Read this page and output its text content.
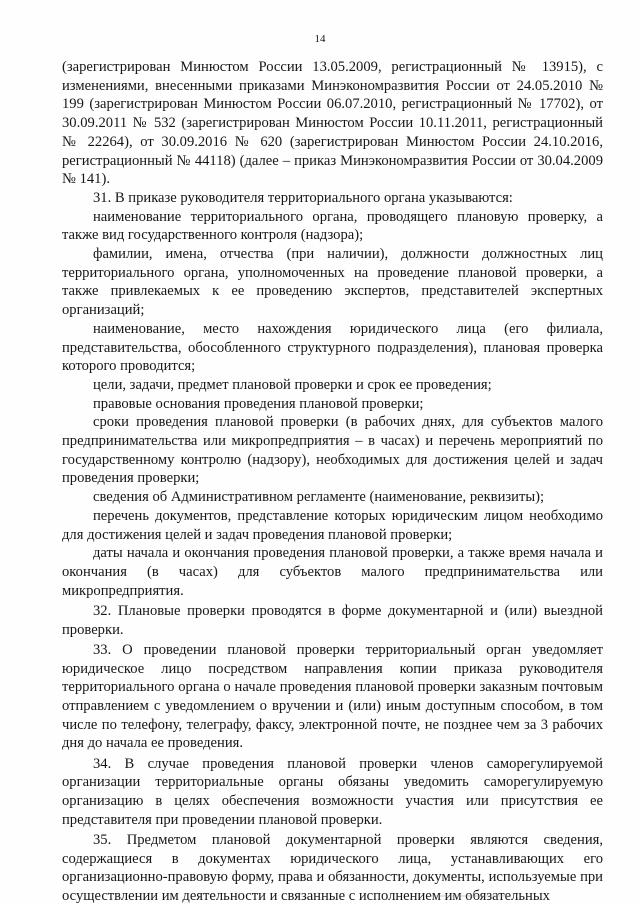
14

(зарегистрирован Минюстом России 13.05.2009, регистрационный № 13915), с изменениями, внесенными приказами Минэкономразвития России от 24.05.2010 № 199 (зарегистрирован Минюстом России 06.07.2010, регистрационный № 17702), от 30.09.2011 № 532 (зарегистрирован Минюстом России 10.11.2011, регистрационный № 22264), от 30.09.2016 № 620 (зарегистрирован Минюстом России 24.10.2016, регистрационный № 44118) (далее – приказ Минэкономразвития России от 30.04.2009 № 141).

31. В приказе руководителя территориального органа указываются:

наименование территориального органа, проводящего плановую проверку, а также вид государственного контроля (надзора);

фамилии, имена, отчества (при наличии), должности должностных лиц территориального органа, уполномоченных на проведение плановой проверки, а также привлекаемых к ее проведению экспертов, представителей экспертных организаций;

наименование, место нахождения юридического лица (его филиала, представительства, обособленного структурного подразделения), плановая проверка которого проводится;

цели, задачи, предмет плановой проверки и срок ее проведения;

правовые основания проведения плановой проверки;

сроки проведения плановой проверки (в рабочих днях, для субъектов малого предпринимательства или микропредприятия – в часах) и перечень мероприятий по государственному контролю (надзору), необходимых для достижения целей и задач проведения проверки;

сведения об Административном регламенте (наименование, реквизиты);

перечень документов, представление которых юридическим лицом необходимо для достижения целей и задач проведения плановой проверки;

даты начала и окончания проведения плановой проверки, а также время начала и окончания (в часах) для субъектов малого предпринимательства или микропредприятия.

32. Плановые проверки проводятся в форме документарной и (или) выездной проверки.

33. О проведении плановой проверки территориальный орган уведомляет юридическое лицо посредством направления копии приказа руководителя территориального органа о начале проведения плановой проверки заказным почтовым отправлением с уведомлением о вручении и (или) иным доступным способом, в том числе по телефону, телеграфу, факсу, электронной почте, не позднее чем за 3 рабочих дня до начала ее проведения.

34. В случае проведения плановой проверки членов саморегулируемой организации территориальные органы обязаны уведомить саморегулируемую организацию в целях обеспечения возможности участия или присутствия ее представителя при проведении плановой проверки.

35. Предметом плановой документарной проверки являются сведения, содержащиеся в документах юридического лица, устанавливающих его организационно-правовую форму, права и обязанности, документы, используемые при осуществлении им деятельности и связанные с исполнением им обязательных
